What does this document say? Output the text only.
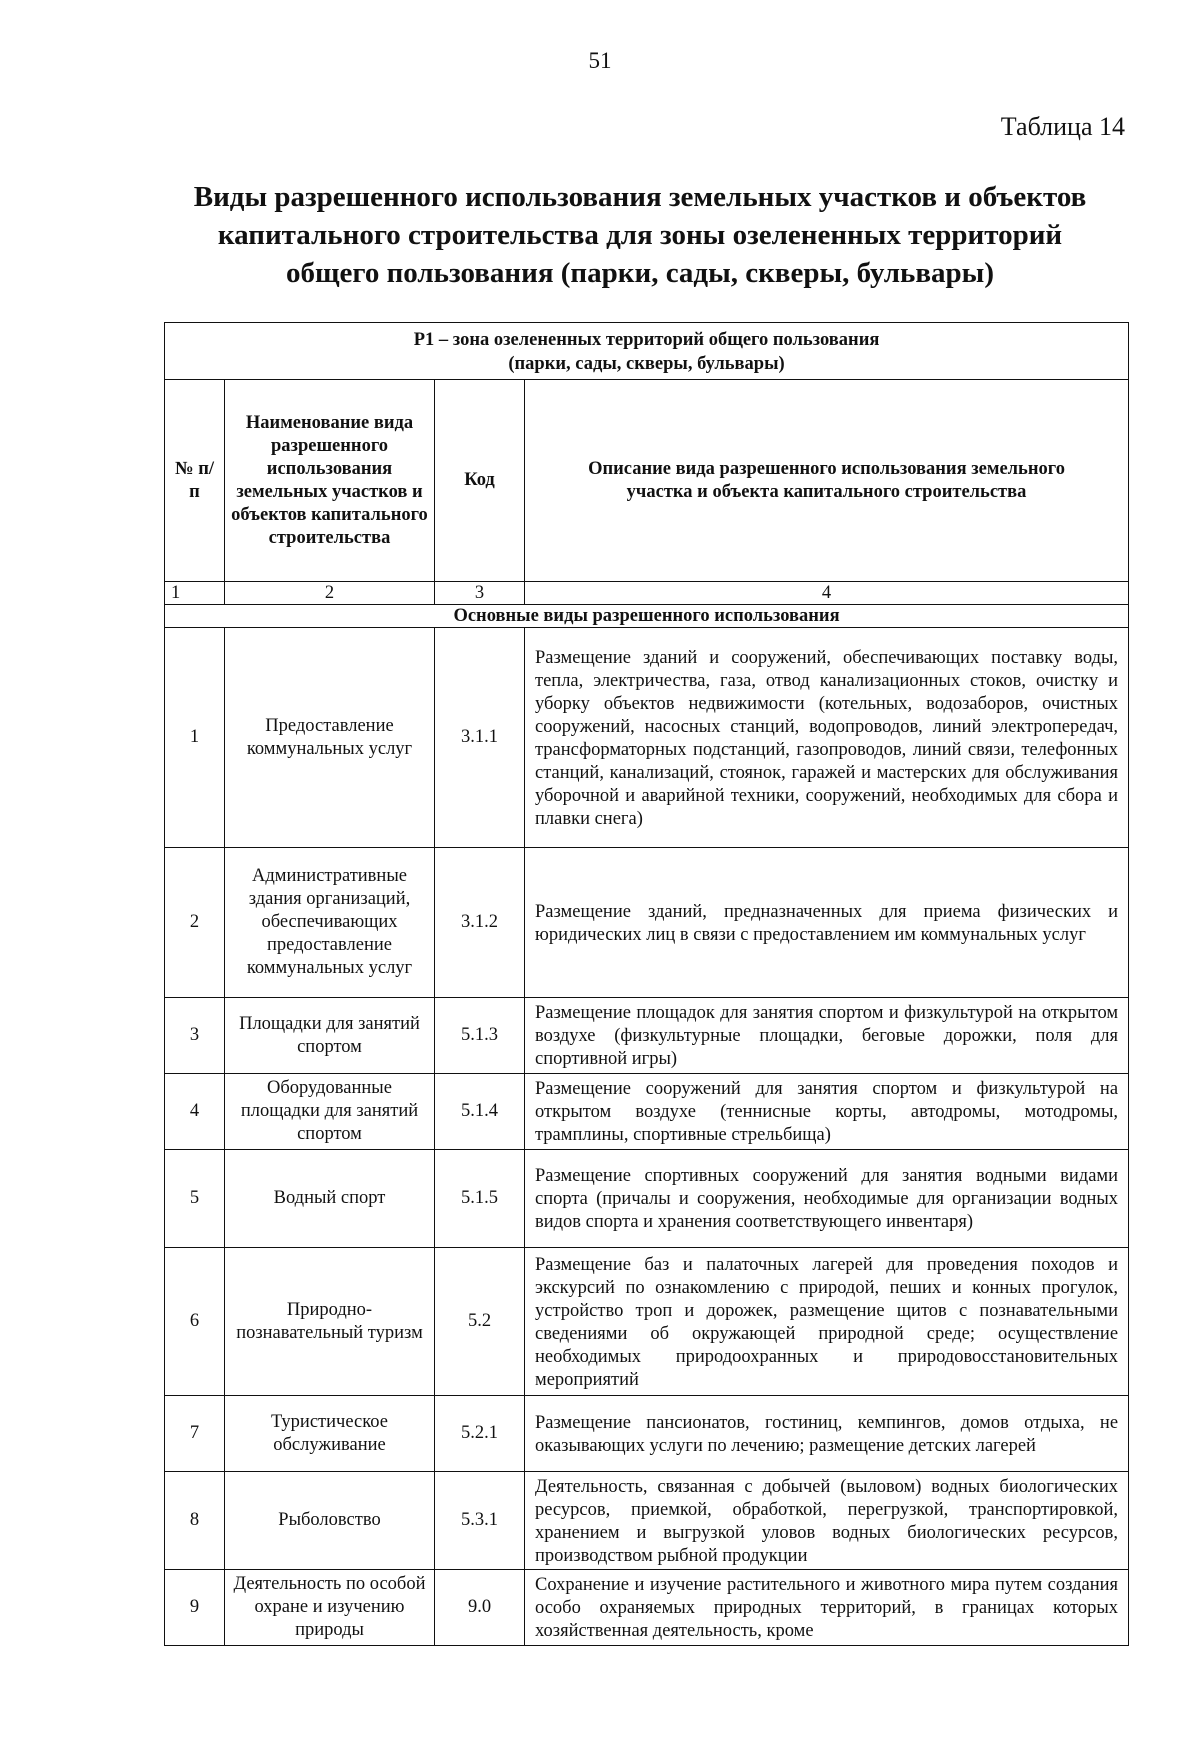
51
Таблица 14
Виды разрешенного использования земельных участков и объектов
капитального строительства для зоны озелененных территорий
общего пользования (парки, сады, скверы, бульвары)
Р1 – зона озелененных территорий общего пользования
(парки, сады, скверы, бульвары)			

№ п/п	Наименование вида разрешенного использования земельных участков и объектов капитального строительства	Код	Описание вида разрешенного использования земельного участка и объекта капитального строительства
1	2	3	4
Основные виды разрешенного использования			
1	Предоставление коммунальных услуг	3.1.1	Размещение зданий и сооружений, обеспечивающих поставку воды, тепла, электричества, газа, отвод канализационных стоков, очистку и уборку объектов недвижимости (котельных, водозаборов, очистных сооружений, насосных станций, водопроводов, линий электропередач, трансформаторных подстанций, газопроводов, линий связи, телефонных станций, канализаций, стоянок, гаражей и мастерских для обслуживания уборочной и аварийной техники, сооружений, необходимых для сбора и плавки снега)
2	Административные здания организаций, обеспечивающих предоставление коммунальных услуг	3.1.2	Размещение зданий, предназначенных для приема физических и юридических лиц в связи с предоставлением им коммунальных услуг
3	Площадки для занятий спортом	5.1.3	Размещение площадок для занятия спортом и физкультурой на открытом воздухе (физкультурные площадки, беговые дорожки, поля для спортивной игры)
4	Оборудованные площадки для занятий спортом	5.1.4	Размещение сооружений для занятия спортом и физкультурой на открытом воздухе (теннисные корты, автодромы, мотодромы, трамплины, спортивные стрельбища)
5	Водный спорт	5.1.5	Размещение спортивных сооружений для занятия водными видами спорта (причалы и сооружения, необходимые для организации водных видов спорта и хранения соответствующего инвентаря)
6	Природно-познавательный туризм	5.2	Размещение баз и палаточных лагерей для проведения походов и экскурсий по ознакомлению с природой, пеших и конных прогулок, устройство троп и дорожек, размещение щитов с познавательными сведениями об окружающей природной среде; осуществление необходимых природоохранных и природовосстановительных мероприятий
7	Туристическое обслуживание	5.2.1	Размещение пансионатов, гостиниц, кемпингов, домов отдыха, не оказывающих услуги по лечению; размещение детских лагерей
8	Рыболовство	5.3.1	Деятельность, связанная с добычей (выловом) водных биологических ресурсов, приемкой, обработкой, перегрузкой, транспортировкой, хранением и выгрузкой уловов водных биологических ресурсов, производством рыбной продукции
9	Деятельность по особой охране и изучению природы	9.0	Сохранение и изучение растительного и животного мира путем создания особо охраняемых природных территорий, в границах которых хозяйственная деятельность, кроме
